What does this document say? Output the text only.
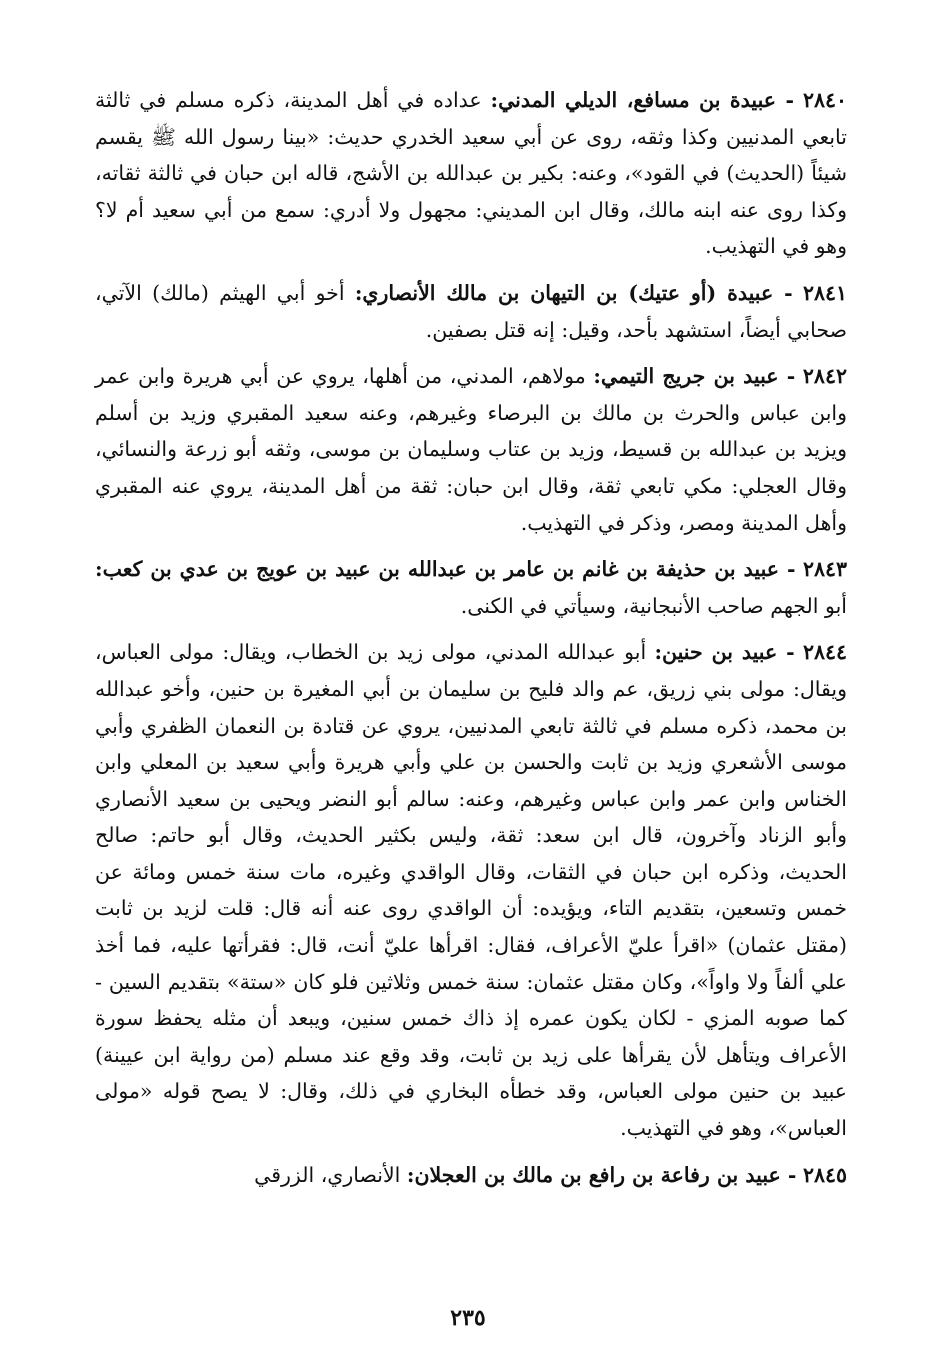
٢٨٤٠ - عبيدة بن مسافع، الديلي المدني: عداده في أهل المدينة، ذكره مسلم في ثالثة تابعي المدنيين وكذا وثقه، روى عن أبي سعيد الخدري حديث: «بينا رسول الله ﷺ يقسم شيئاً (الحديث) في القود»، وعنه: بكير بن عبدالله بن الأشج، قاله ابن حبان في ثالثة ثقاته، وكذا روى عنه ابنه مالك، وقال ابن المديني: مجهول ولا أدري: سمع من أبي سعيد أم لا؟ وهو في التهذيب.

٢٨٤١ - عبيدة (أو عتيك) بن التيهان بن مالك الأنصاري: أخو أبي الهيثم (مالك) الآتي، صحابي أيضاً، استشهد بأحد، وقيل: إنه قتل بصفين.

٢٨٤٢ - عبيد بن جريج التيمي: مولاهم، المدني، من أهلها، يروي عن أبي هريرة وابن عمر وابن عباس والحرث بن مالك بن البرصاء وغيرهم، وعنه سعيد المقبري وزيد بن أسلم ويزيد بن عبدالله بن قسيط، وزيد بن عتاب وسليمان بن موسى، وثقه أبو زرعة والنسائي، وقال العجلي: مكي تابعي ثقة، وقال ابن حبان: ثقة من أهل المدينة، يروي عنه المقبري وأهل المدينة ومصر، وذكر في التهذيب.

٢٨٤٣ - عبيد بن حذيفة بن غانم بن عامر بن عبدالله بن عبيد بن عويج بن عدي بن كعب: أبو الجهم صاحب الأنبجانية، وسيأتي في الكنى.

٢٨٤٤ - عبيد بن حنين: أبو عبدالله المدني، مولى زيد بن الخطاب، ويقال: مولى العباس، ويقال: مولى بني زريق، عم والد فليح بن سليمان بن أبي المغيرة بن حنين، وأخو عبدالله بن محمد، ذكره مسلم في ثالثة تابعي المدنيين، يروي عن قتادة بن النعمان الظفري وأبي موسى الأشعري وزيد بن ثابت والحسن بن علي وأبي هريرة وأبي سعيد بن المعلي وابن الخناس وابن عمر وابن عباس وغيرهم، وعنه: سالم أبو النضر ويحيى بن سعيد الأنصاري وأبو الزناد وآخرون، قال ابن سعد: ثقة، وليس بكثير الحديث، وقال أبو حاتم: صالح الحديث، وذكره ابن حبان في الثقات، وقال الواقدي وغيره، مات سنة خمس ومائة عن خمس وتسعين، بتقديم التاء، ويؤيده: أن الواقدي روى عنه أنه قال: قلت لزيد بن ثابت (مقتل عثمان) «اقرأ عليّ الأعراف، فقال: اقرأها عليّ أنت، قال: فقرأتها عليه، فما أخذ علي ألفاً ولا واواً»، وكان مقتل عثمان: سنة خمس وثلاثين فلو كان «ستة» بتقديم السين - كما صوبه المزي - لكان يكون عمره إذ ذاك خمس سنين، ويبعد أن مثله يحفظ سورة الأعراف ويتأهل لأن يقرأها على زيد بن ثابت، وقد وقع عند مسلم (من رواية ابن عيينة) عبيد بن حنين مولى العباس، وقد خطأه البخاري في ذلك، وقال: لا يصح قوله «مولى العباس»، وهو في التهذيب.

٢٨٤٥ - عبيد بن رفاعة بن رافع بن مالك بن العجلان: الأنصاري، الزرقي

٢٣٥
